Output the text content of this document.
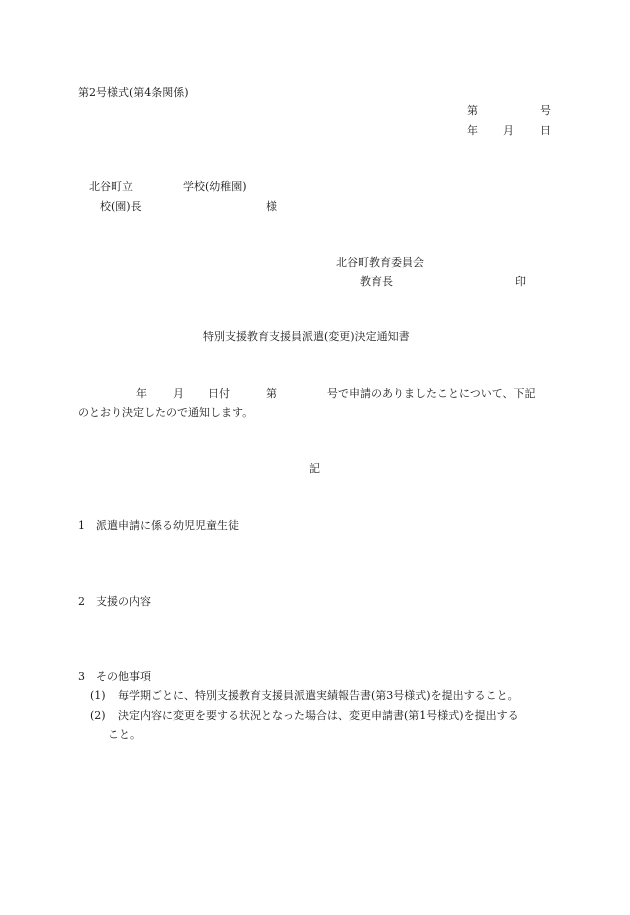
第2号様式(第4条関係)
第	号
年 月 日
北谷町立	学校(幼稚園)
校(園)長	様
北谷町教育委員会
教育長	印
特別支援教育支援員派遣(変更)決定通知書
年 月 日付	第	号で申請のありましたことについて、下記
のとおり決定したので通知します。
記
1 派遣申請に係る幼児児童生徒
2 支援の内容
3 その他事項
(1) 毎学期ごとに、特別支援教育支援員派遣実績報告書(第3号様式)を提出すること。
(2) 決定内容に変更を要する状況となった場合は、変更申請書(第1号様式)を提出する
こと。
